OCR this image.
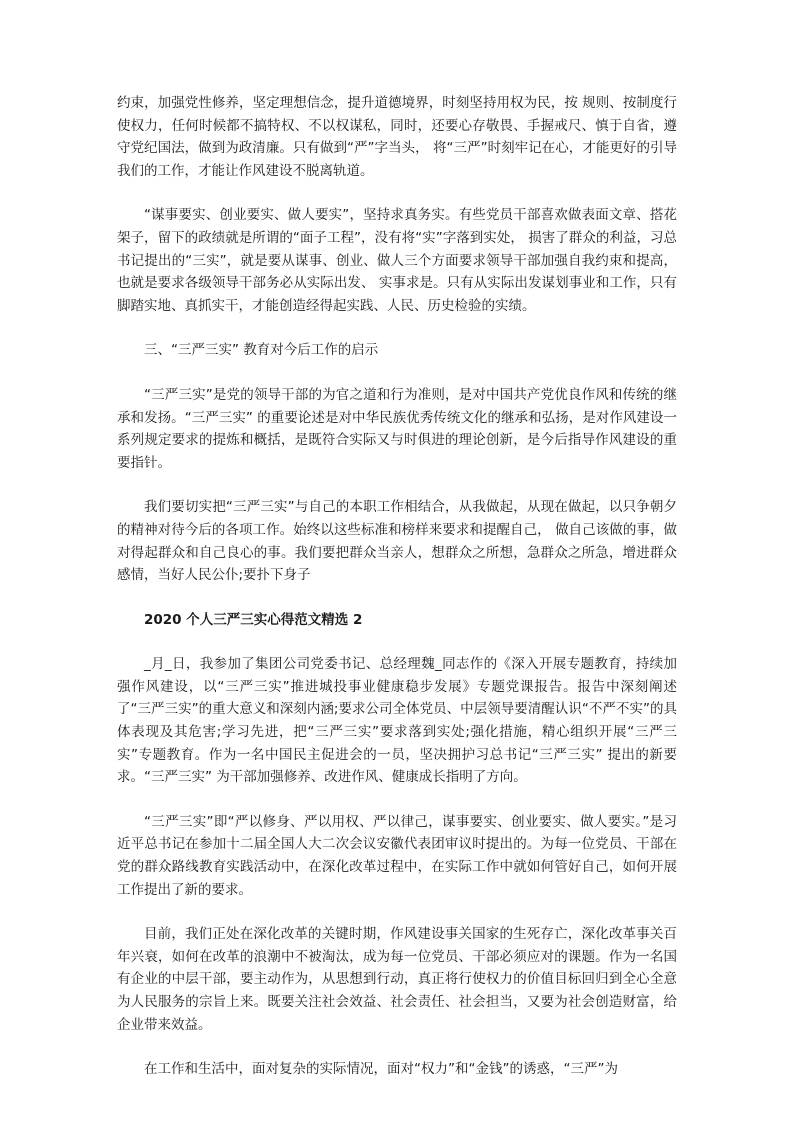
约束，加强党性修养，坚定理想信念，提升道德境界，时刻坚持用权为民，按 规则、按制度行使权力，任何时候都不搞特权、不以权谋私，同时，还要心存敬畏、手握戒尺、慎于自省，遵守党纪国法，做到为政清廉。只有做到“严”字当头， 将“三严”时刻牢记在心，才能更好的引导我们的工作，才能让作风建设不脱离轨道。

“谋事要实、创业要实、做人要实”，坚持求真务实。有些党员干部喜欢做表面文章、搭花架子，留下的政绩就是所谓的“面子工程”，没有将“实”字落到实处， 损害了群众的利益，习总书记提出的“三实”，就是要从谋事、创业、做人三个方面要求领导干部加强自我约束和提高，也就是要求各级领导干部务必从实际出发、 实事求是。只有从实际出发谋划事业和工作，只有脚踏实地、真抓实干，才能创造经得起实践、人民、历史检验的实绩。

三、“三严三实” 教育对今后工作的启示

“三严三实”是党的领导干部的为官之道和行为准则，是对中国共产党优良作风和传统的继承和发扬。“三严三实” 的重要论述是对中华民族优秀传统文化的继承和弘扬，是对作风建设一系列规定要求的提炼和概括，是既符合实际又与时俱进的理论创新，是今后指导作风建设的重要指针。

我们要切实把“三严三实”与自己的本职工作相结合，从我做起，从现在做起，以只争朝夕的精神对待今后的各项工作。始终以这些标准和榜样来要求和提醒自己， 做自己该做的事，做对得起群众和自己良心的事。我们要把群众当亲人，想群众之所想，急群众之所急，增进群众感情，当好人民公仆;要扑下身子

2020 个人三严三实心得范文精选 2

_月_日，我参加了集团公司党委书记、总经理魏_同志作的《深入开展专题教育，持续加强作风建设，以“三严三实”推进城投事业健康稳步发展》专题党课报告。报告中深刻阐述了“三严三实”的重大意义和深刻内涵;要求公司全体党员、中层领导要清醒认识“不严不实”的具体表现及其危害;学习先进，把“三严三实”要求落到实处;强化措施，精心组织开展“三严三实”专题教育。作为一名中国民主促进会的一员，坚决拥护习总书记“三严三实” 提出的新要求。“三严三实” 为干部加强修养、改进作风、健康成长指明了方向。

“三严三实”即“严以修身、严以用权、严以律己，谋事要实、创业要实、做人要实。”是习近平总书记在参加十二届全国人大二次会议安徽代表团审议时提出的。为每一位党员、干部在党的群众路线教育实践活动中，在深化改革过程中，在实际工作中就如何管好自己，如何开展工作提出了新的要求。

目前，我们正处在深化改革的关键时期，作风建设事关国家的生死存亡，深化改革事关百年兴衰，如何在改革的浪潮中不被淘汰，成为每一位党员、干部必须应对的课题。作为一名国有企业的中层干部，要主动作为，从思想到行动，真正将行使权力的价值目标回归到全心全意为人民服务的宗旨上来。既要关注社会效益、社会责任、社会担当，又要为社会创造财富，给企业带来效益。

在工作和生活中，面对复杂的实际情况，面对“权力”和“金钱”的诱惑，“三严”为
